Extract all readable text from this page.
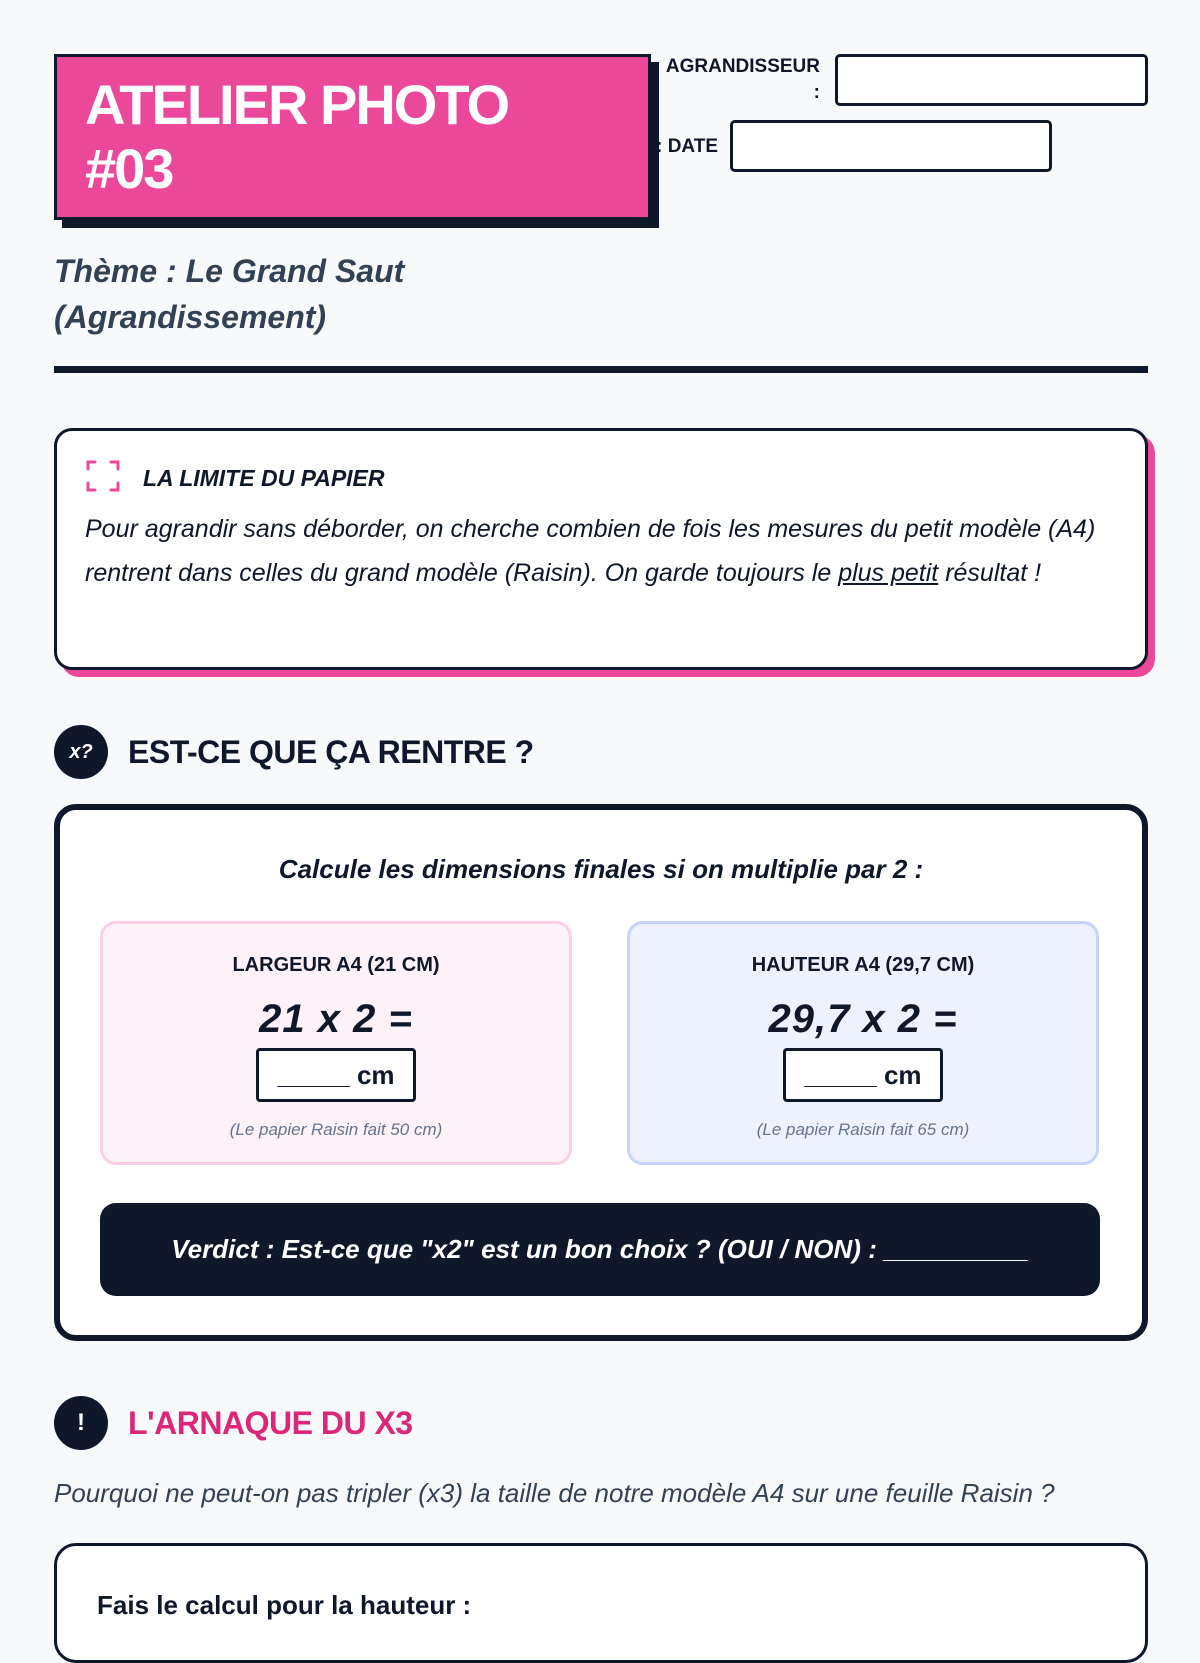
ATELIER PHOTO
#03
AGRANDISSEUR
:
DATE :
Thème : Le Grand Saut (Agrandissement)
LA LIMITE DU PAPIER
Pour agrandir sans déborder, on cherche combien de fois les mesures du petit modèle (A4) rentrent dans celles du grand modèle (Raisin). On garde toujours le plus petit résultat !
x?	EST-CE QUE ÇA RENTRE ?
Calcule les dimensions finales si on multiplie par 2 :
LARGEUR A4 (21 CM)
21 x 2 =
_____ cm
(Le papier Raisin fait 50 cm)
HAUTEUR A4 (29,7 CM)
29,7 x 2 =
_____ cm
(Le papier Raisin fait 65 cm)
Verdict : Est-ce que "x2" est un bon choix ? (OUI / NON) : __________
!	L'ARNAQUE DU X3
Pourquoi ne peut-on pas tripler (x3) la taille de notre modèle A4 sur une feuille Raisin ?
Fais le calcul pour la hauteur :
